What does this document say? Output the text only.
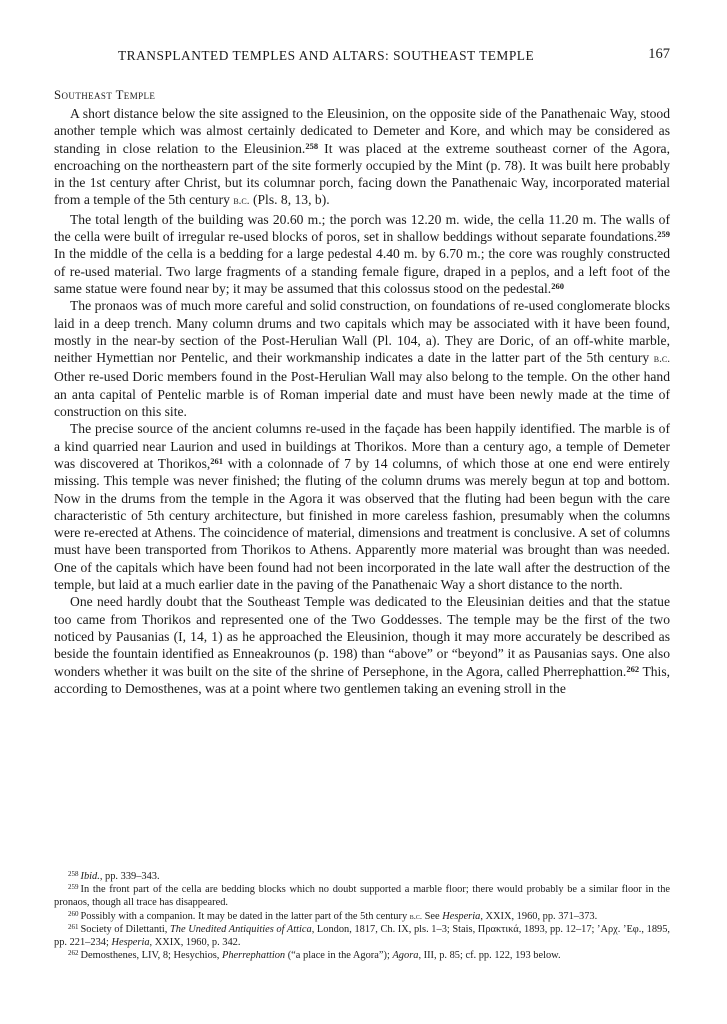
TRANSPLANTED TEMPLES AND ALTARS: SOUTHEAST TEMPLE	167
Southeast Temple

A short distance below the site assigned to the Eleusinion, on the opposite side of the Panathenaic Way, stood another temple which was almost certainly dedicated to Demeter and Kore, and which may be considered as standing in close relation to the Eleusinion.$^{258}$ It was placed at the extreme southeast corner of the Agora, encroaching on the northeastern part of the site formerly occupied by the Mint (p. 78). It was built here probably in the 1st century after Christ, but its columnar porch, facing down the Panathenaic Way, incorporated material from a temple of the 5th century b.c. (Pls. 8, 13, b).

The total length of the building was 20.60 m.; the porch was 12.20 m. wide, the cella 11.20 m. The walls of the cella were built of irregular re-used blocks of poros, set in shallow beddings without separate foundations.$^{259}$ In the middle of the cella is a bedding for a large pedestal 4.40 m. by 6.70 m.; the core was roughly constructed of re-used material. Two large fragments of a standing female figure, draped in a peplos, and a left foot of the same statue were found near by; it may be assumed that this colossus stood on the pedestal.$^{260}$

The pronaos was of much more careful and solid construction, on foundations of re-used conglomerate blocks laid in a deep trench. Many column drums and two capitals which may be associated with it have been found, mostly in the near-by section of the Post-Herulian Wall (Pl. 104, a). They are Doric, of an off-white marble, neither Hymettian nor Pentelic, and their workmanship indicates a date in the latter part of the 5th century b.c. Other re-used Doric members found in the Post-Herulian Wall may also belong to the temple. On the other hand an anta capital of Pentelic marble is of Roman imperial date and must have been newly made at the time of construction on this site.

The precise source of the ancient columns re-used in the façade has been happily identified. The marble is of a kind quarried near Laurion and used in buildings at Thorikos. More than a century ago, a temple of Demeter was discovered at Thorikos,$^{261}$ with a colonnade of 7 by 14 columns, of which those at one end were entirely missing. This temple was never finished; the fluting of the column drums was merely begun at top and bottom. Now in the drums from the temple in the Agora it was observed that the fluting had been begun with the care characteristic of 5th century architecture, but finished in more careless fashion, presumably when the columns were re-erected at Athens. The coincidence of material, dimensions and treatment is conclusive. A set of columns must have been transported from Thorikos to Athens. Apparently more material was brought than was needed. One of the capitals which have been found had not been incorporated in the late wall after the destruction of the temple, but laid at a much earlier date in the paving of the Panathenaic Way a short distance to the north.

One need hardly doubt that the Southeast Temple was dedicated to the Eleusinian deities and that the statue too came from Thorikos and represented one of the Two Goddesses. The temple may be the first of the two noticed by Pausanias (I, 14, 1) as he approached the Eleusinion, though it may more accurately be described as beside the fountain identified as Enneakrounos (p. 198) than “above” or “beyond” it as Pausanias says. One also wonders whether it was built on the site of the shrine of Persephone, in the Agora, called Pherrephattion.$^{262}$ This, according to Demosthenes, was at a point where two gentlemen taking an evening stroll in the

$^{258}$ Ibid., pp. 339–343.

$^{259}$ In the front part of the cella are bedding blocks which no doubt supported a marble floor; there would probably be a similar floor in the pronaos, though all trace has disappeared.

$^{260}$ Possibly with a companion. It may be dated in the latter part of the 5th century b.c. See Hesperia, XXIX, 1960, pp. 371–373.

$^{261}$ Society of Dilettanti, The Unedited Antiquities of Attica, London, 1817, Ch. IX, pls. 1–3; Stais, Πρακτικά, 1893, pp. 12–17; ’Αρχ. ’Εφ., 1895, pp. 221–234; Hesperia, XXIX, 1960, p. 342.

$^{262}$ Demosthenes, LIV, 8; Hesychios, Pherrephattion (“a place in the Agora”); Agora, III, p. 85; cf. pp. 122, 193 below.
